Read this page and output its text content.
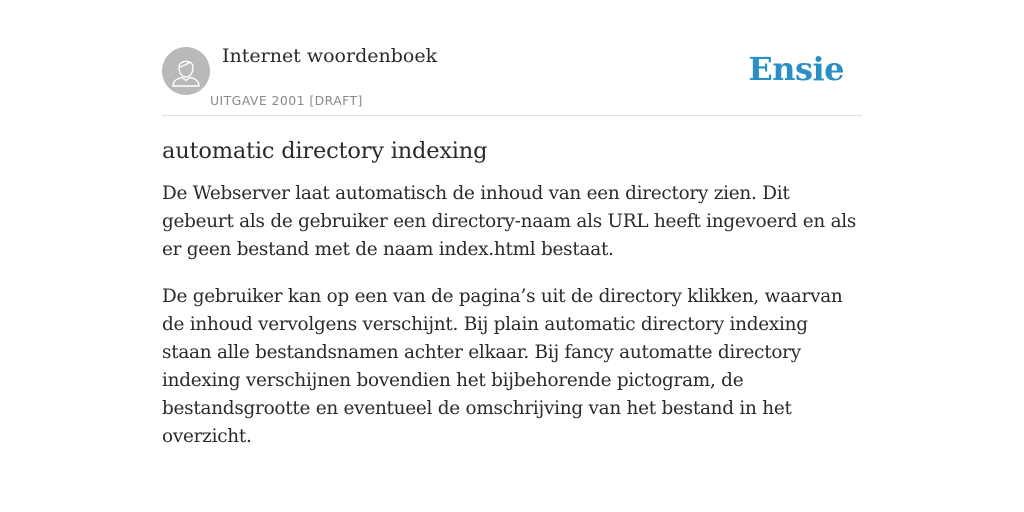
Internet woordenboek
UITGAVE 2001 [DRAFT]
Ensie
automatic directory indexing

De Webserver laat automatisch de inhoud van een directory zien. Dit gebeurt als de gebruiker een directory-naam als URL heeft ingevoerd en als er geen bestand met de naam index.html bestaat.

De gebruiker kan op een van de pagina’s uit de directory klikken, waarvan de inhoud vervolgens verschijnt. Bij plain automatic directory indexing staan alle bestandsnamen achter elkaar. Bij fancy automatte directory indexing verschijnen bovendien het bijbehorende pictogram, de bestandsgrootte en eventueel de omschrijving van het bestand in het overzicht.
